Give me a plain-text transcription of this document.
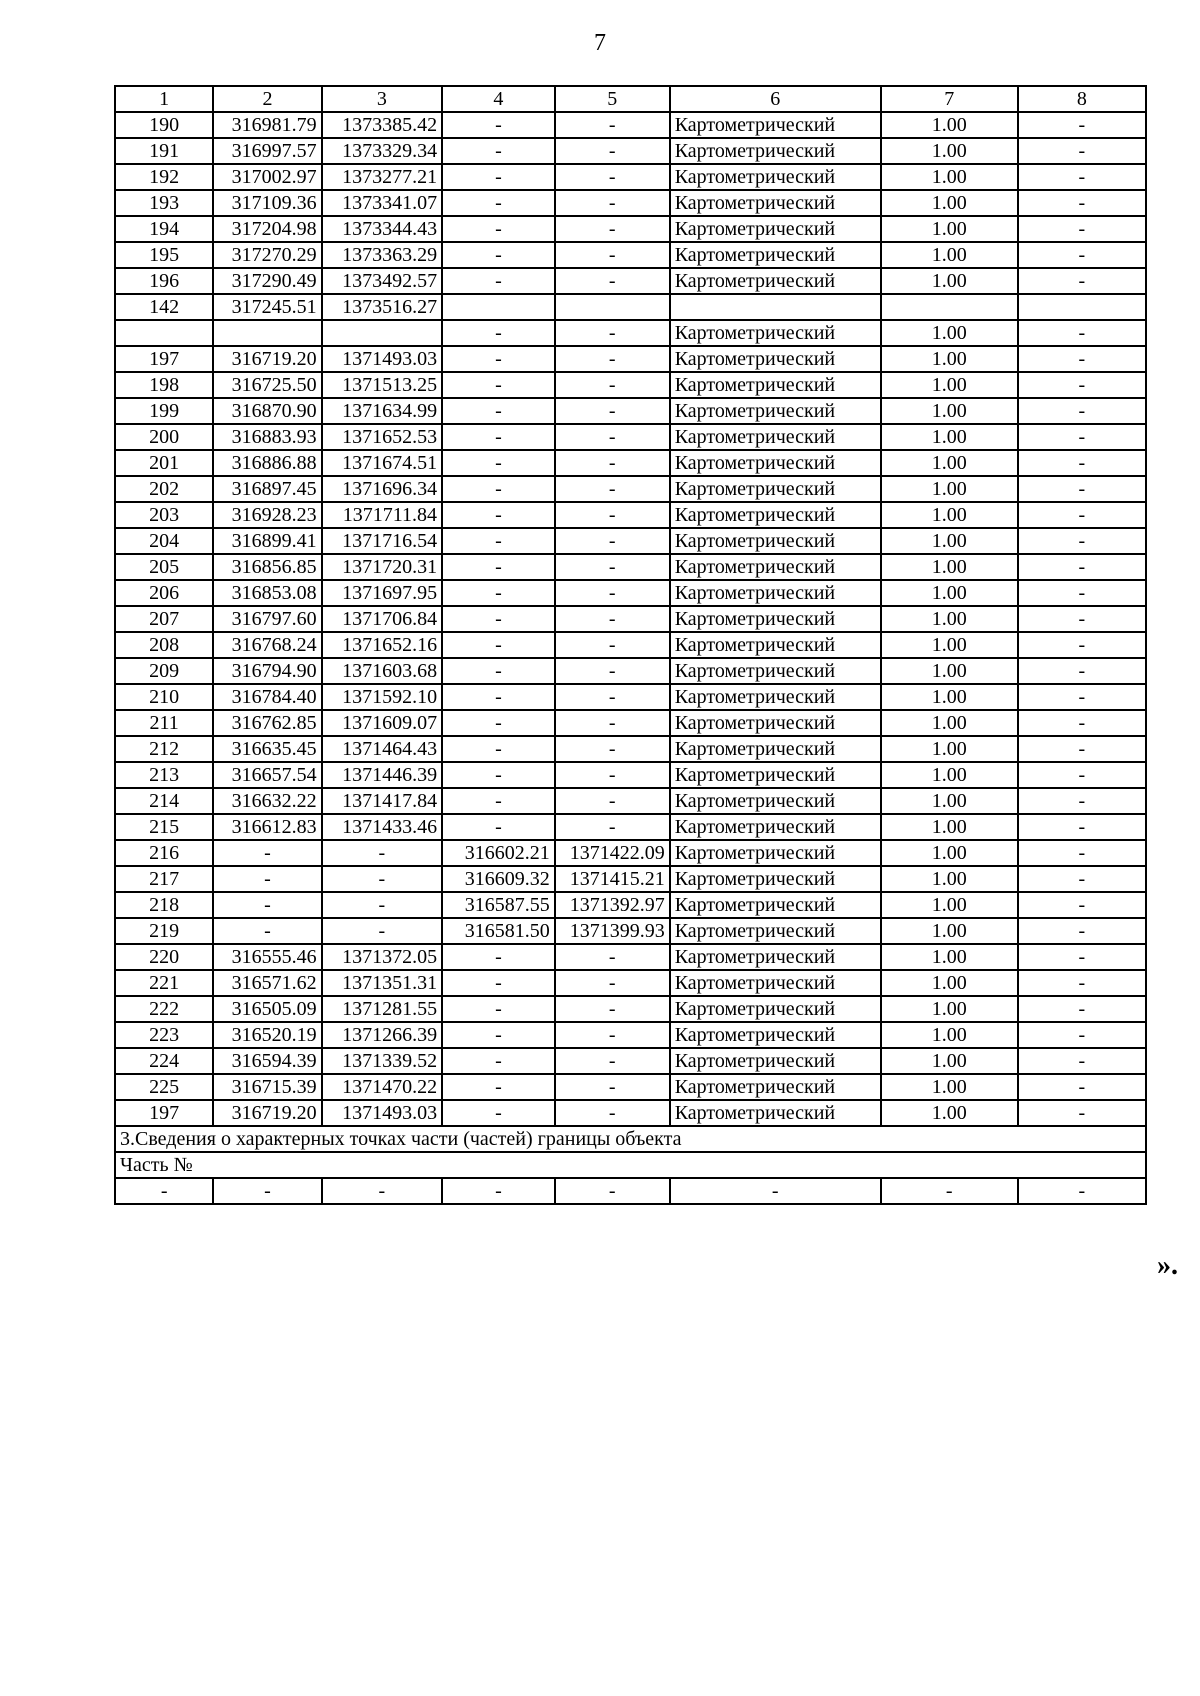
7
1	2	3	4	5	6	7	8
190	316981.79	1373385.42	-	-	Картометрический	1.00	-
191	316997.57	1373329.34	-	-	Картометрический	1.00	-
192	317002.97	1373277.21	-	-	Картометрический	1.00	-
193	317109.36	1373341.07	-	-	Картометрический	1.00	-
194	317204.98	1373344.43	-	-	Картометрический	1.00	-
195	317270.29	1373363.29	-	-	Картометрический	1.00	-
196	317290.49	1373492.57	-	-	Картометрический	1.00	-
142	317245.51	1373516.27					
			-	-	Картометрический	1.00	-
197	316719.20	1371493.03	-	-	Картометрический	1.00	-
198	316725.50	1371513.25	-	-	Картометрический	1.00	-
199	316870.90	1371634.99	-	-	Картометрический	1.00	-
200	316883.93	1371652.53	-	-	Картометрический	1.00	-
201	316886.88	1371674.51	-	-	Картометрический	1.00	-
202	316897.45	1371696.34	-	-	Картометрический	1.00	-
203	316928.23	1371711.84	-	-	Картометрический	1.00	-
204	316899.41	1371716.54	-	-	Картометрический	1.00	-
205	316856.85	1371720.31	-	-	Картометрический	1.00	-
206	316853.08	1371697.95	-	-	Картометрический	1.00	-
207	316797.60	1371706.84	-	-	Картометрический	1.00	-
208	316768.24	1371652.16	-	-	Картометрический	1.00	-
209	316794.90	1371603.68	-	-	Картометрический	1.00	-
210	316784.40	1371592.10	-	-	Картометрический	1.00	-
211	316762.85	1371609.07	-	-	Картометрический	1.00	-
212	316635.45	1371464.43	-	-	Картометрический	1.00	-
213	316657.54	1371446.39	-	-	Картометрический	1.00	-
214	316632.22	1371417.84	-	-	Картометрический	1.00	-
215	316612.83	1371433.46	-	-	Картометрический	1.00	-
216	-	-	316602.21	1371422.09	Картометрический	1.00	-
217	-	-	316609.32	1371415.21	Картометрический	1.00	-
218	-	-	316587.55	1371392.97	Картометрический	1.00	-
219	-	-	316581.50	1371399.93	Картометрический	1.00	-
220	316555.46	1371372.05	-	-	Картометрический	1.00	-
221	316571.62	1371351.31	-	-	Картометрический	1.00	-
222	316505.09	1371281.55	-	-	Картометрический	1.00	-
223	316520.19	1371266.39	-	-	Картометрический	1.00	-
224	316594.39	1371339.52	-	-	Картометрический	1.00	-
225	316715.39	1371470.22	-	-	Картометрический	1.00	-
197	316719.20	1371493.03	-	-	Картометрический	1.00	-
3.Сведения о характерных точках части (частей) границы объекта							
Часть №							
-	-	-	-	-	-	-	-
».
